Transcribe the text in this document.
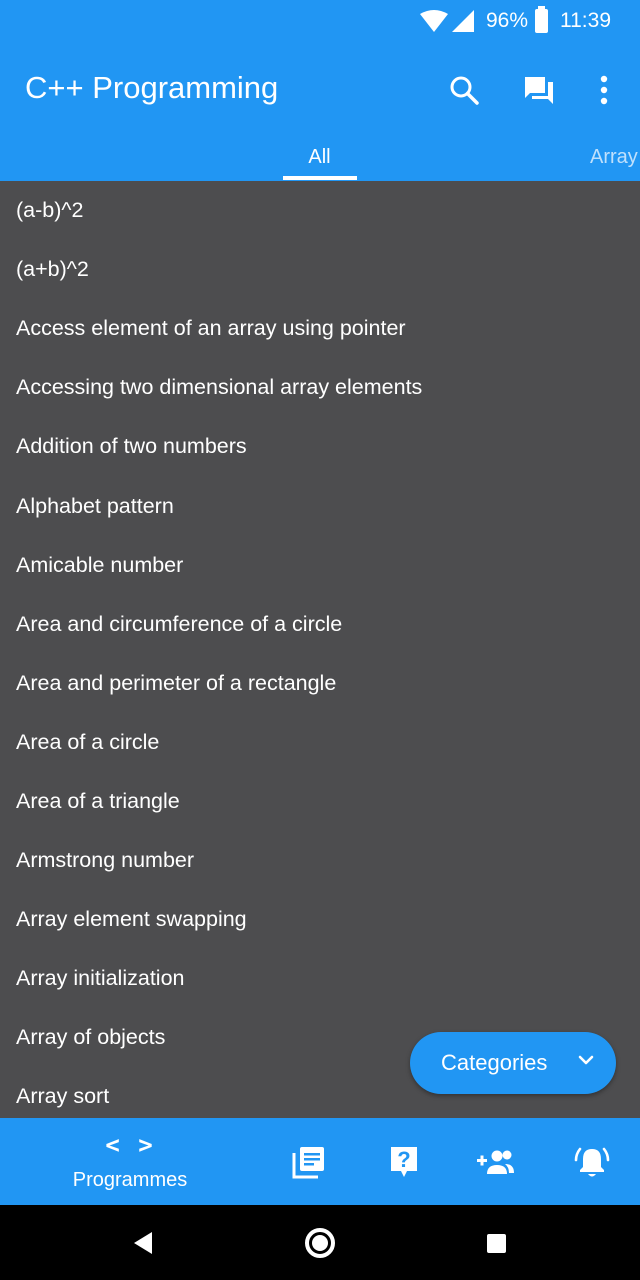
96% 11:39
C++ Programming
All	Array
(a-b)^2
(a+b)^2
Access element of an array using pointer
Accessing two dimensional array elements
Addition of two numbers
Alphabet pattern
Amicable number
Area and circumference of a circle
Area and perimeter of a rectangle
Area of a circle
Area of a triangle
Armstrong number
Array element swapping
Array initialization
Array of objects
Array sort
Categories
< >
Programmes
?
